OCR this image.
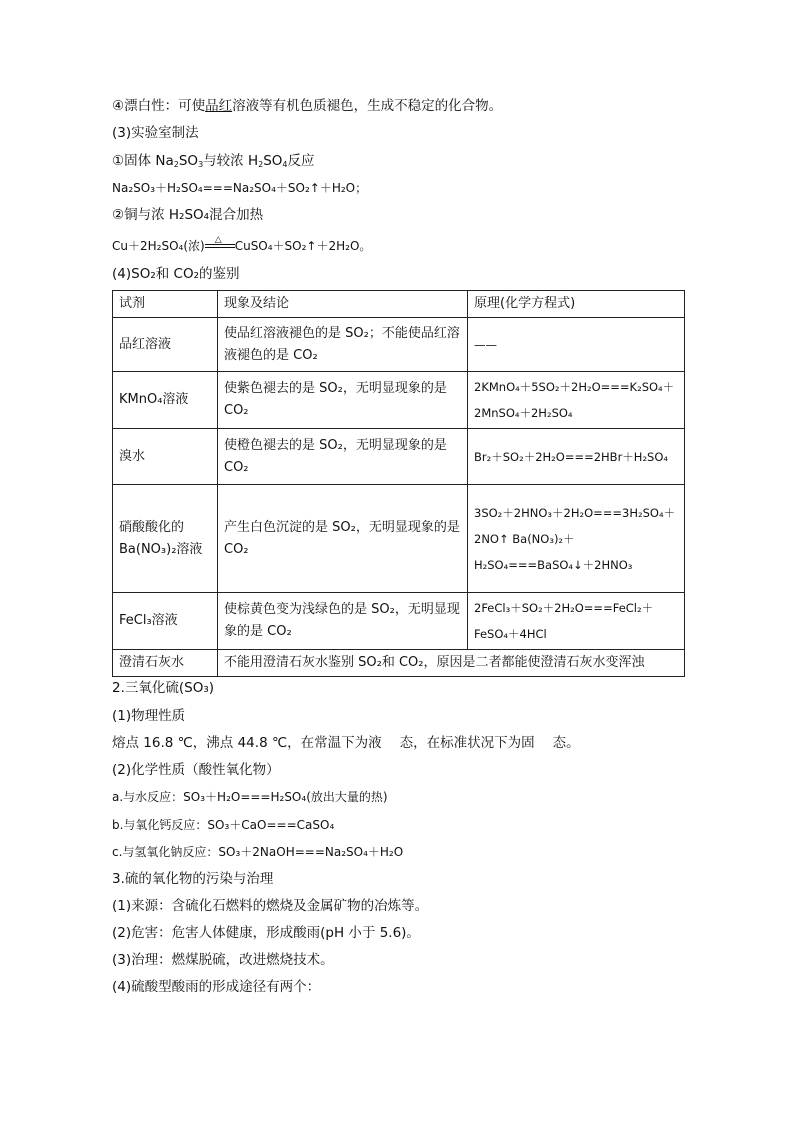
④漂白性：可使品红溶液等有机色质褪色，生成不稳定的化合物。
(3)实验室制法
①固体 $Na_2SO_3$与较浓 $H_2SO_4$反应
Na₂SO₃＋H₂SO₄===Na₂SO₄＋SO₂↑＋H₂O；
②铜与浓 H₂SO₄混合加热
Cu＋2H₂SO₄(浓) △ CuSO₄＋SO₂↑＋2H₂O。
(4)SO₂和 CO₂的鉴别
试剂	现象及结论	原理(化学方程式)
品红溶液	使品红溶液褪色的是 SO₂；不能使品红溶液褪色的是 CO₂	——
KMnO₄溶液	使紫色褪去的是 SO₂，无明显现象的是 CO₂	2KMnO₄＋5SO₂＋2H₂O===K₂SO₄＋2MnSO₄＋2H₂SO₄
溴水	使橙色褪去的是 SO₂，无明显现象的是 CO₂	Br₂＋SO₂＋2H₂O===2HBr＋H₂SO₄
硝酸酸化的 Ba(NO₃)₂溶液	产生白色沉淀的是 SO₂，无明显现象的是 CO₂	3SO₂＋2HNO₃＋2H₂O===3H₂SO₄＋2NO↑ Ba(NO₃)₂＋H₂SO₄===BaSO₄↓＋2HNO₃
FeCl₃溶液	使棕黄色变为浅绿色的是 SO₂，无明显现象的是 CO₂	2FeCl₃＋SO₂＋2H₂O===FeCl₂＋FeSO₄＋4HCl
澄清石灰水	不能用澄清石灰水鉴别 SO₂和 CO₂，原因是二者都能使澄清石灰水变浑浊	
2.三氧化硫(SO₃)
(1)物理性质
熔点 16.8 ℃，沸点 44.8 ℃，在常温下为液 态，在标准状况下为固 态。
(2)化学性质（酸性氧化物）
a.与水反应：SO₃＋H₂O===H₂SO₄(放出大量的热)
b.与氧化钙反应：SO₃＋CaO===CaSO₄
c.与氢氧化钠反应：SO₃＋2NaOH===Na₂SO₄＋H₂O
3.硫的氧化物的污染与治理
(1)来源：含硫化石燃料的燃烧及金属矿物的冶炼等。
(2)危害：危害人体健康，形成酸雨(pH 小于 5.6)。
(3)治理：燃煤脱硫，改进燃烧技术。
(4)硫酸型酸雨的形成途径有两个：
